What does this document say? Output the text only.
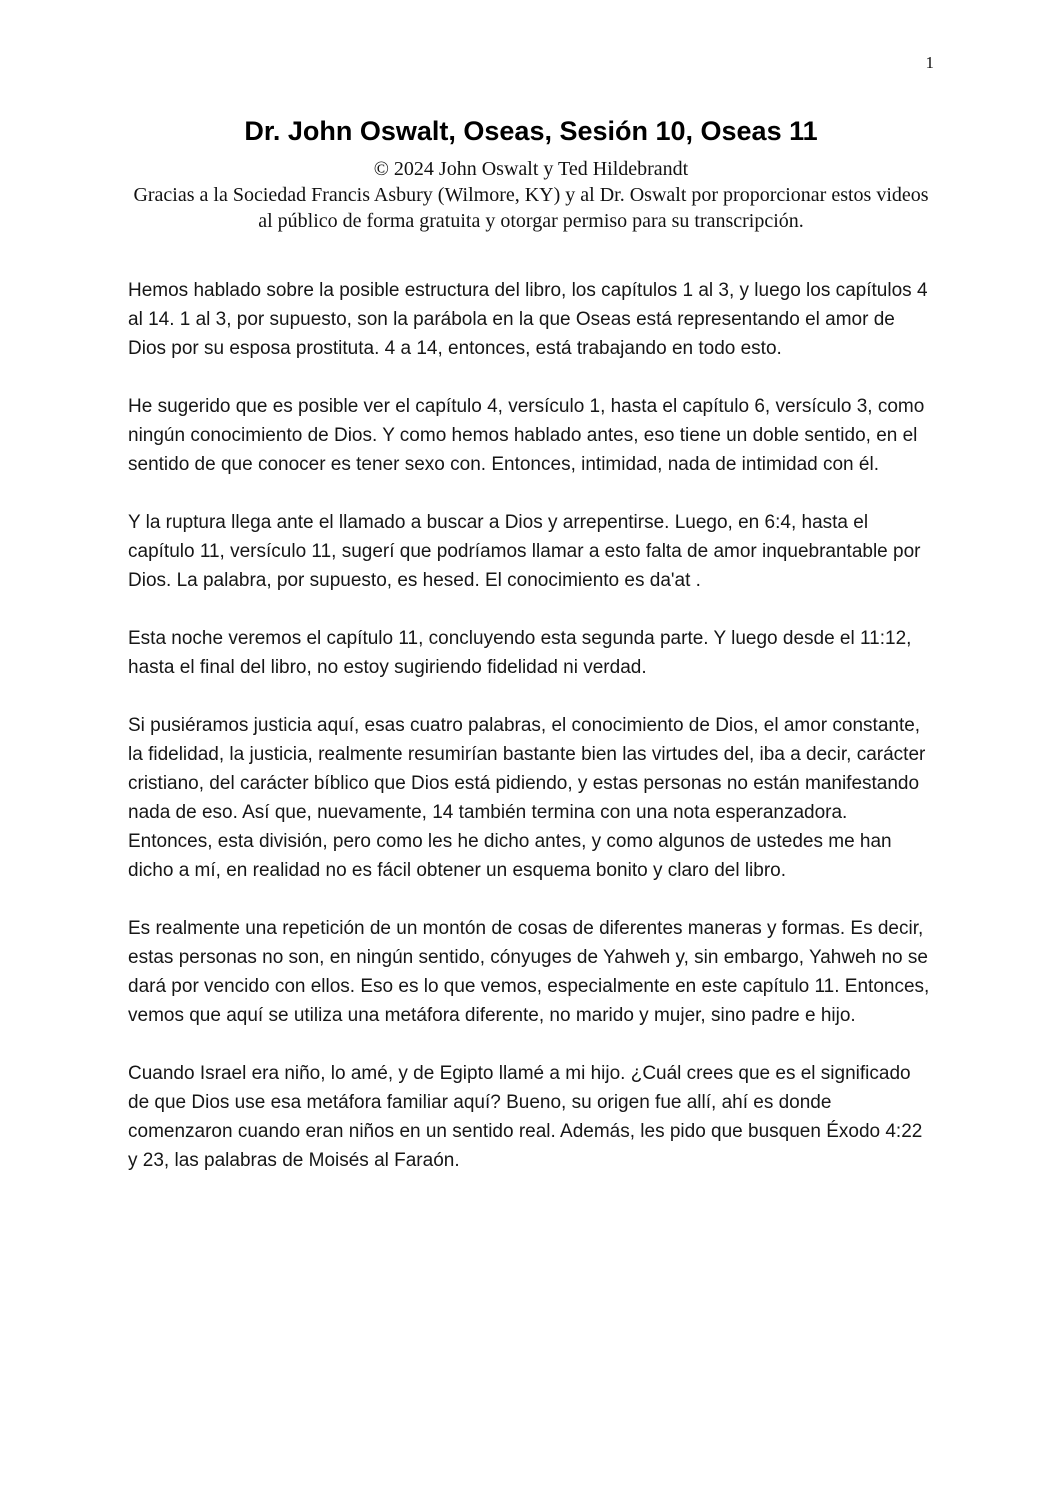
1
Dr. John Oswalt, Oseas, Sesión 10, Oseas 11
© 2024 John Oswalt y Ted Hildebrandt
Gracias a la Sociedad Francis Asbury (Wilmore, KY) y al Dr. Oswalt por proporcionar estos videos al público de forma gratuita y otorgar permiso para su transcripción.

Hemos hablado sobre la posible estructura del libro, los capítulos 1 al 3, y luego los capítulos 4 al 14. 1 al 3, por supuesto, son la parábola en la que Oseas está representando el amor de Dios por su esposa prostituta. 4 a 14, entonces, está trabajando en todo esto.

He sugerido que es posible ver el capítulo 4, versículo 1, hasta el capítulo 6, versículo 3, como ningún conocimiento de Dios. Y como hemos hablado antes, eso tiene un doble sentido, en el sentido de que conocer es tener sexo con. Entonces, intimidad, nada de intimidad con él.

Y la ruptura llega ante el llamado a buscar a Dios y arrepentirse. Luego, en 6:4, hasta el capítulo 11, versículo 11, sugerí que podríamos llamar a esto falta de amor inquebrantable por Dios. La palabra, por supuesto, es hesed. El conocimiento es da'at .

Esta noche veremos el capítulo 11, concluyendo esta segunda parte. Y luego desde el 11:12, hasta el final del libro, no estoy sugiriendo fidelidad ni verdad.

Si pusiéramos justicia aquí, esas cuatro palabras, el conocimiento de Dios, el amor constante, la fidelidad, la justicia, realmente resumirían bastante bien las virtudes del, iba a decir, carácter cristiano, del carácter bíblico que Dios está pidiendo, y estas personas no están manifestando nada de eso. Así que, nuevamente, 14 también termina con una nota esperanzadora. Entonces, esta división, pero como les he dicho antes, y como algunos de ustedes me han dicho a mí, en realidad no es fácil obtener un esquema bonito y claro del libro.

Es realmente una repetición de un montón de cosas de diferentes maneras y formas. Es decir, estas personas no son, en ningún sentido, cónyuges de Yahweh y, sin embargo, Yahweh no se dará por vencido con ellos. Eso es lo que vemos, especialmente en este capítulo 11. Entonces, vemos que aquí se utiliza una metáfora diferente, no marido y mujer, sino padre e hijo.

Cuando Israel era niño, lo amé, y de Egipto llamé a mi hijo. ¿Cuál crees que es el significado de que Dios use esa metáfora familiar aquí? Bueno, su origen fue allí, ahí es donde comenzaron cuando eran niños en un sentido real. Además, les pido que busquen Éxodo 4:22 y 23, las palabras de Moisés al Faraón.
